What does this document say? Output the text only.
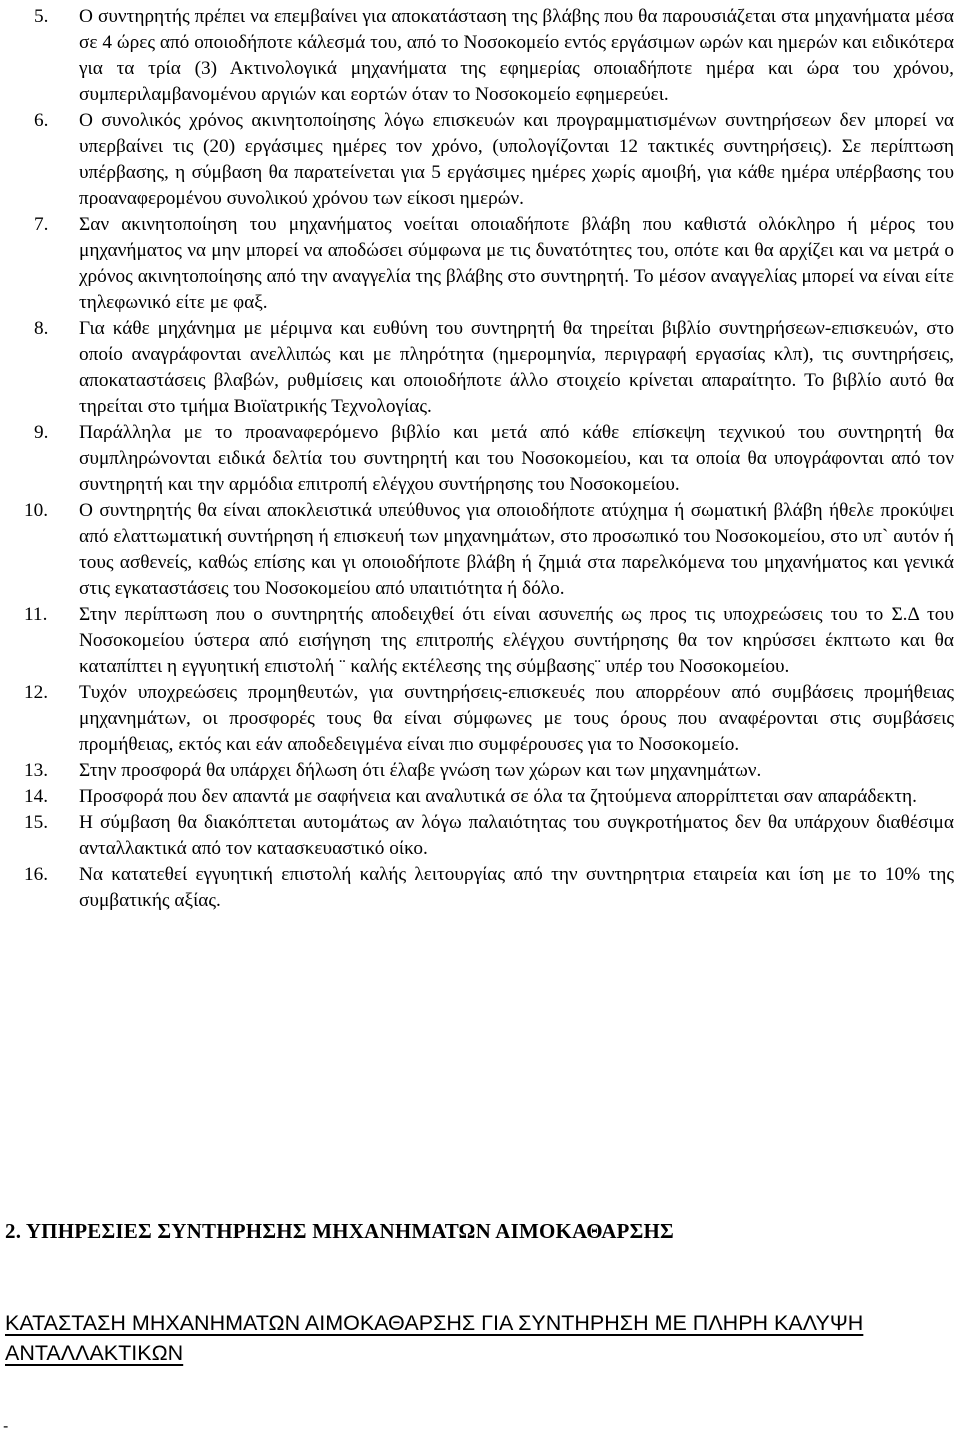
5. Ο συντηρητής πρέπει να επεμβαίνει για αποκατάσταση της βλάβης που θα παρουσιάζεται στα μηχανήματα μέσα σε 4 ώρες από οποιοδήποτε κάλεσμά του, από το Νοσοκομείο εντός εργάσιμων ωρών και ημερών και ειδικότερα για τα τρία (3) Ακτινολογικά μηχανήματα της εφημερίας οποιαδήποτε ημέρα και ώρα του χρόνου, συμπεριλαμβανομένου αργιών και εορτών όταν το Νοσοκομείο εφημερεύει.
6. Ο συνολικός χρόνος ακινητοποίησης λόγω επισκευών και προγραμματισμένων συντηρήσεων δεν μπορεί να υπερβαίνει τις (20) εργάσιμες ημέρες τον χρόνο, (υπολογίζονται 12 τακτικές συντηρήσεις). Σε περίπτωση υπέρβασης, η σύμβαση θα παρατείνεται για 5 εργάσιμες ημέρες χωρίς αμοιβή, για κάθε ημέρα υπέρβασης του προαναφερομένου συνολικού χρόνου των είκοσι ημερών.
7. Σαν ακινητοποίηση του μηχανήματος νοείται οποιαδήποτε βλάβη που καθιστά ολόκληρο ή μέρος του μηχανήματος να μην μπορεί να αποδώσει σύμφωνα με τις δυνατότητες του, οπότε και θα αρχίζει και να μετρά ο χρόνος ακινητοποίησης από την αναγγελία της βλάβης στο συντηρητή. Το μέσον αναγγελίας μπορεί να είναι είτε τηλεφωνικό είτε με φαξ.
8. Για κάθε μηχάνημα με μέριμνα και ευθύνη του συντηρητή θα τηρείται βιβλίο συντηρήσεων-επισκευών, στο οποίο αναγράφονται ανελλιπώς και με πληρότητα (ημερομηνία, περιγραφή εργασίας κλπ), τις συντηρήσεις, αποκαταστάσεις βλαβών, ρυθμίσεις και οποιοδήποτε άλλο στοιχείο κρίνεται απαραίτητο. Το βιβλίο αυτό θα τηρείται στο τμήμα Βιοϊατρικής Τεχνολογίας.
9. Παράλληλα με το προαναφερόμενο βιβλίο και μετά από κάθε επίσκεψη τεχνικού του συντηρητή θα συμπληρώνονται ειδικά δελτία του συντηρητή και του Νοσοκομείου, και τα οποία θα υπογράφονται από τον συντηρητή και την αρμόδια επιτροπή ελέγχου συντήρησης του Νοσοκομείου.
10. Ο συντηρητής θα είναι αποκλειστικά υπεύθυνος για οποιοδήποτε ατύχημα ή σωματική βλάβη ήθελε προκύψει από ελαττωματική συντήρηση ή επισκευή των μηχανημάτων, στο προσωπικό του Νοσοκομείου, στο υπ` αυτόν ή τους ασθενείς, καθώς επίσης και γι οποιοδήποτε βλάβη ή ζημιά στα παρελκόμενα του μηχανήματος και γενικά στις εγκαταστάσεις του Νοσοκομείου από υπαιτιότητα ή δόλο.
11. Στην περίπτωση που ο συντηρητής αποδειχθεί ότι είναι ασυνεπής ως προς τις υποχρεώσεις του το Σ.Δ του Νοσοκομείου ύστερα από εισήγηση της επιτροπής ελέγχου συντήρησης θα τον κηρύσσει έκπτωτο και θα καταπίπτει η εγγυητική επιστολή ¨ καλής εκτέλεσης της σύμβασης¨ υπέρ του Νοσοκομείου.
12. Τυχόν υποχρεώσεις προμηθευτών, για συντηρήσεις-επισκευές που απορρέουν από συμβάσεις προμήθειας μηχανημάτων, οι προσφορές τους θα είναι σύμφωνες με τους όρους που αναφέρονται στις συμβάσεις προμήθειας, εκτός και εάν αποδεδειγμένα είναι πιο συμφέρουσες για το Νοσοκομείο.
13. Στην προσφορά θα υπάρχει δήλωση ότι έλαβε γνώση των χώρων και των μηχανημάτων.
14. Προσφορά που δεν απαντά με σαφήνεια και αναλυτικά σε όλα τα ζητούμενα απορρίπτεται σαν απαράδεκτη.
15. Η σύμβαση θα διακόπτεται αυτομάτως αν λόγω παλαιότητας του συγκροτήματος δεν θα υπάρχουν διαθέσιμα ανταλλακτικά από τον κατασκευαστικό οίκο.
16. Να κατατεθεί εγγυητική επιστολή καλής λειτουργίας από την συντηρητρια εταιρεία και ίση με το 10% της συμβατικής αξίας.
2. ΥΠΗΡΕΣΙΕΣ ΣΥΝΤΗΡΗΣΗΣ ΜΗΧΑΝΗΜΑΤΩΝ ΑΙΜΟΚΑΘΑΡΣΗΣ
ΚΑΤΑΣΤΑΣΗ ΜΗΧΑΝΗΜΑΤΩΝ ΑΙΜΟΚΑΘΑΡΣΗΣ ΓΙΑ ΣΥΝΤΗΡΗΣΗ ΜΕ ΠΛΗΡΗ ΚΑΛΥΨΗ ΑΝΤΑΛΛΑΚΤΙΚΩΝ
-
